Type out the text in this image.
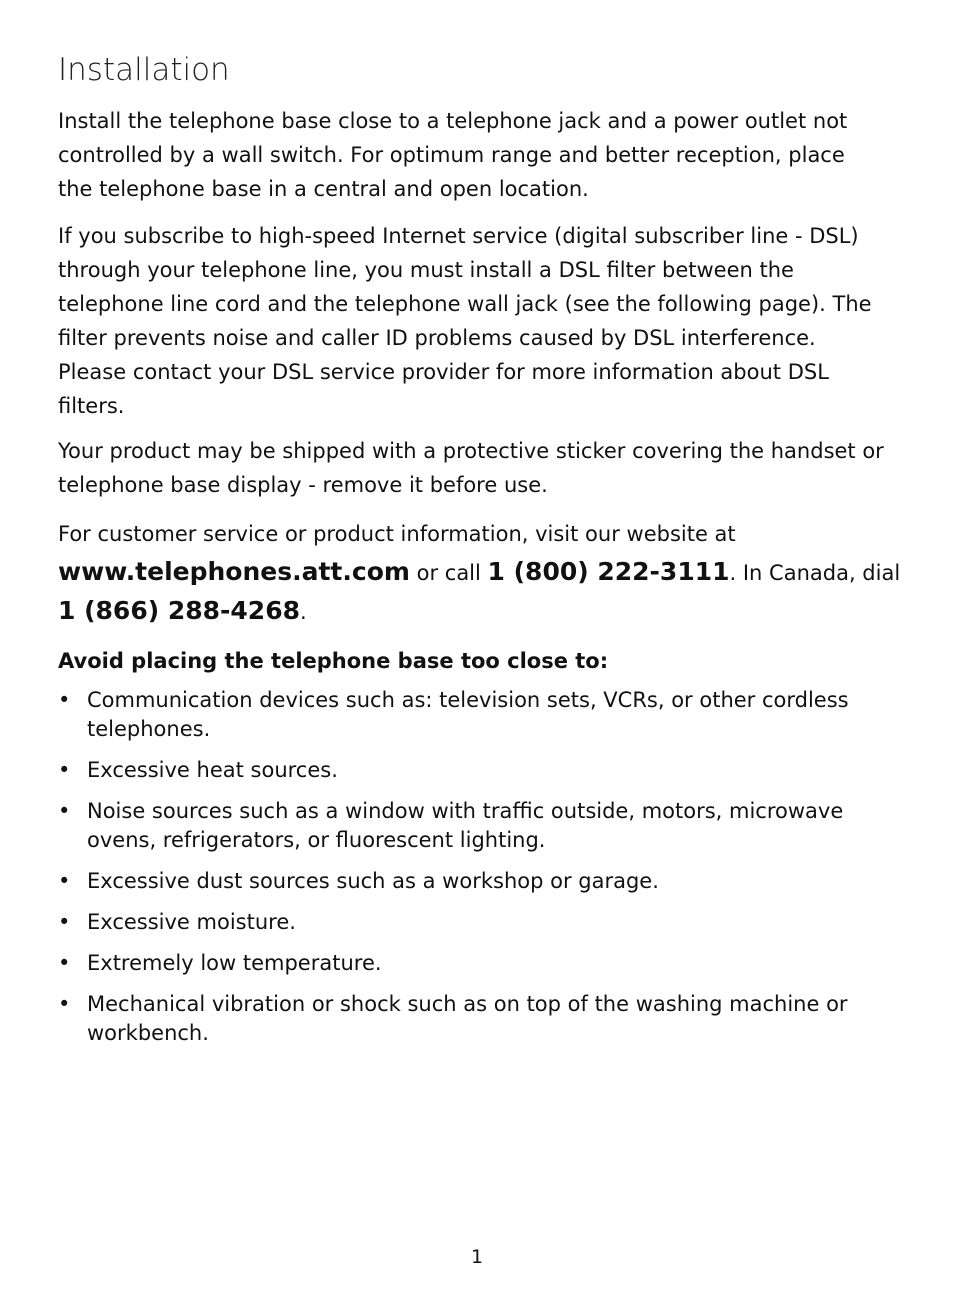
Installation

Install the telephone base close to a telephone jack and a power outlet not
controlled by a wall switch. For optimum range and better reception, place
the telephone base in a central and open location.

If you subscribe to high-speed Internet service (digital subscriber line - DSL)
through your telephone line, you must install a DSL filter between the
telephone line cord and the telephone wall jack (see the following page). The
filter prevents noise and caller ID problems caused by DSL interference.
Please contact your DSL service provider for more information about DSL
filters.

Your product may be shipped with a protective sticker covering the handset or
telephone base display - remove it before use.

For customer service or product information, visit our website at
www.telephones.att.com or call 1 (800) 222-3111. In Canada, dial
1 (866) 288-4268.

Avoid placing the telephone base too close to:
• Communication devices such as: television sets, VCRs, or other cordless
telephones.
• Excessive heat sources.
• Noise sources such as a window with traffic outside, motors, microwave
ovens, refrigerators, or fluorescent lighting.
• Excessive dust sources such as a workshop or garage.
• Excessive moisture.
• Extremely low temperature.
• Mechanical vibration or shock such as on top of the washing machine or
workbench.
1
